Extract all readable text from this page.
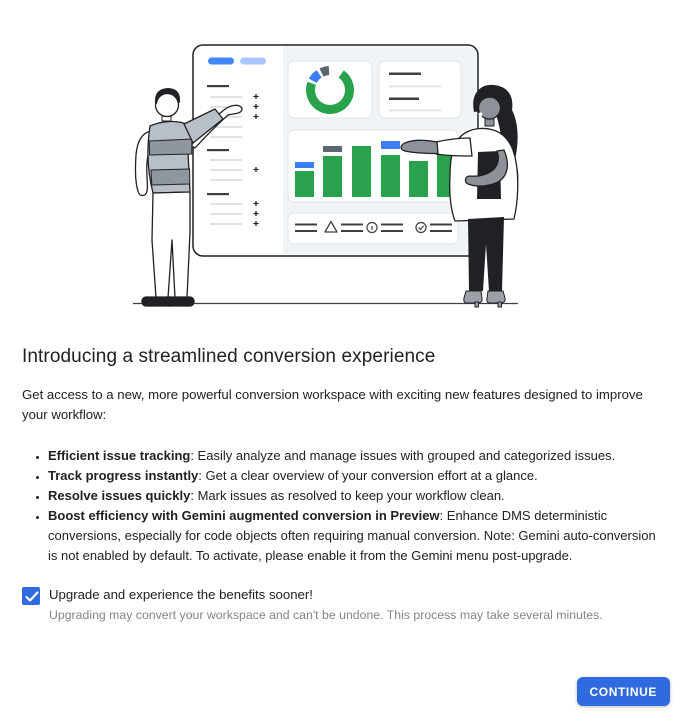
Introducing a streamlined conversion experience

Get access to a new, more powerful conversion workspace with exciting new features designed to improve your workflow:

• Efficient issue tracking: Easily analyze and manage issues with grouped and categorized issues.
• Track progress instantly: Get a clear overview of your conversion effort at a glance.
• Resolve issues quickly: Mark issues as resolved to keep your workflow clean.
• Boost efficiency with Gemini augmented conversion in Preview: Enhance DMS deterministic conversions, especially for code objects often requiring manual conversion. Note: Gemini auto-conversion is not enabled by default. To activate, please enable it from the Gemini menu post-upgrade.
Upgrade and experience the benefits sooner!
Upgrading may convert your workspace and can't be undone. This process may take several minutes.
CONTINUE
